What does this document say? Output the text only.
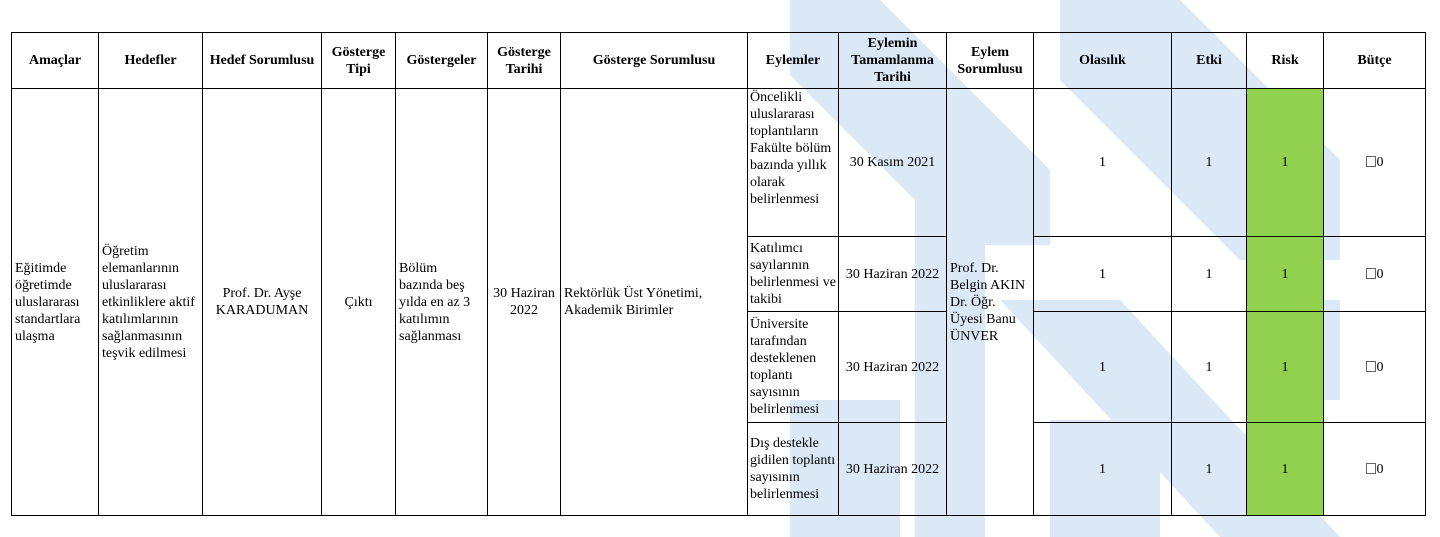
Amaçlar	Hedefler	Hedef Sorumlusu	Gösterge Tipi	Göstergeler	Gösterge Tarihi	Gösterge Sorumlusu	Eylemler	Eylemin Tamamlanma Tarihi	Eylem Sorumlusu	Olasılık	Etki	Risk	Bütçe
Eğitimde öğretimde uluslararası standartlara ulaşma	Öğretim elemanlarının uluslararası etkinliklere aktif katılımlarının sağlanmasının teşvik edilmesi	Prof. Dr. Ayşe KARADUMAN	Çıktı	Bölüm bazında beş yılda en az 3 katılımın sağlanması	30 Haziran 2022	Rektörlük Üst Yönetimi, Akademik Birimler	Öncelikli uluslararası toplantıların Fakülte bölüm bazında yıllık olarak belirlenmesi	30 Kasım 2021	Prof. Dr. Belgin AKIN Dr. Öğr. Üyesi Banu ÜNVER	1	1	1	0
							Katılımcı sayılarının belirlenmesi ve takibi	30 Haziran 2022		1	1	1	0
							Üniversite tarafından desteklenen toplantı sayısının belirlenmesi	30 Haziran 2022		1	1	1	0
							Dış destekle gidilen toplantı sayısının belirlenmesi	30 Haziran 2022		1	1	1	0
